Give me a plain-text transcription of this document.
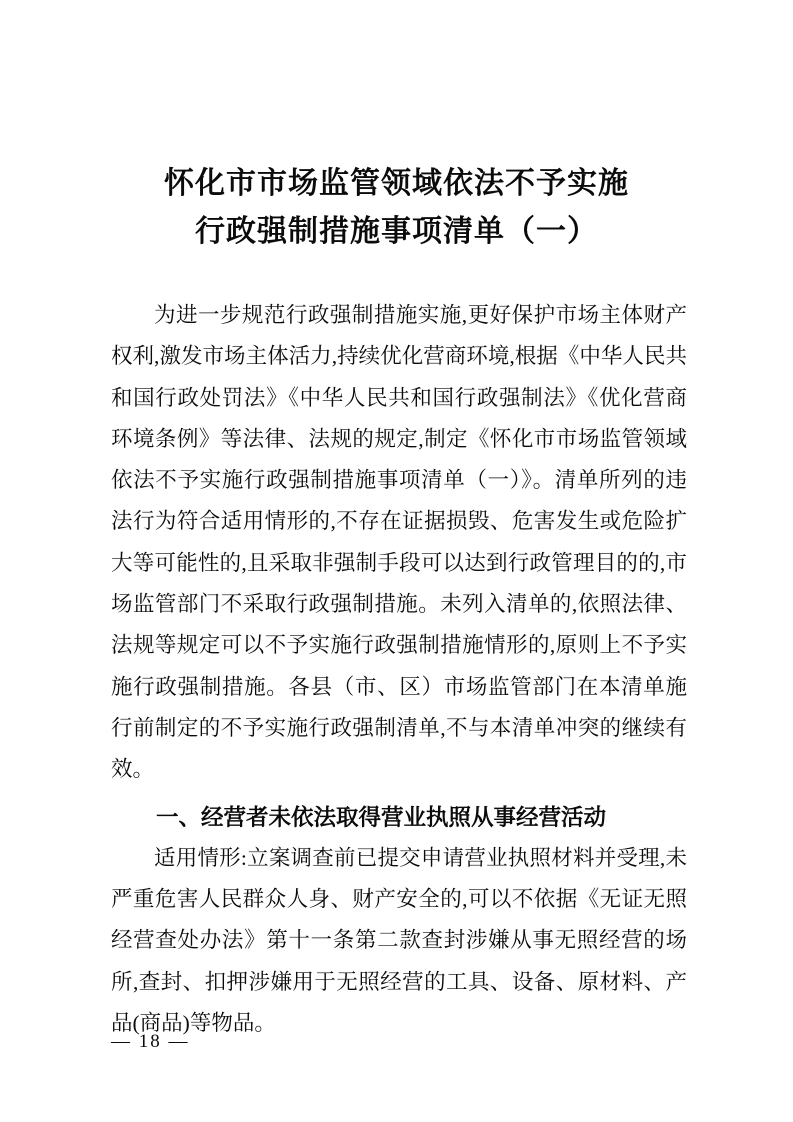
怀化市市场监管领域依法不予实施
行政强制措施事项清单（一）

为进一步规范行政强制措施实施,更好保护市场主体财产权利,激发市场主体活力,持续优化营商环境,根据《中华人民共和国行政处罚法》《中华人民共和国行政强制法》《优化营商环境条例》等法律、法规的规定,制定《怀化市市场监管领域依法不予实施行政强制措施事项清单（一）》。清单所列的违法行为符合适用情形的,不存在证据损毁、危害发生或危险扩大等可能性的,且采取非强制手段可以达到行政管理目的的,市场监管部门不采取行政强制措施。未列入清单的,依照法律、法规等规定可以不予实施行政强制措施情形的,原则上不予实施行政强制措施。各县（市、区）市场监管部门在本清单施行前制定的不予实施行政强制清单,不与本清单冲突的继续有效。

一、经营者未依法取得营业执照从事经营活动

适用情形:立案调查前已提交申请营业执照材料并受理,未严重危害人民群众人身、财产安全的,可以不依据《无证无照经营查处办法》第十一条第二款查封涉嫌从事无照经营的场所,查封、扣押涉嫌用于无照经营的工具、设备、原材料、产品(商品)等物品。

— 18 —
